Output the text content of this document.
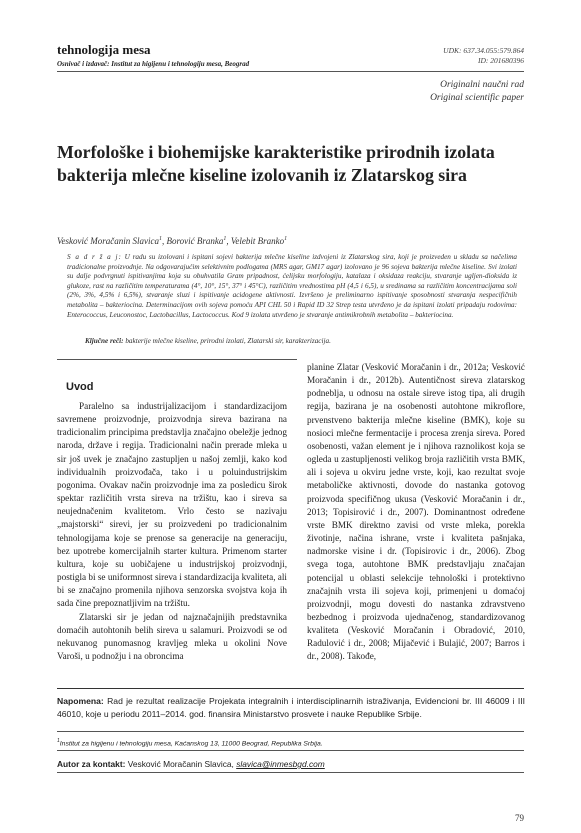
tehnologija mesa
Osnivač i izdavač: Institut za higijenu i tehnologiju mesa, Beograd
UDK: 637.34.055:579.864
ID: 201680396
Originalni naučni rad
Original scientific paper
Morfološke i biohemijske karakteristike prirodnih izolata bakterija mlečne kiseline izolovanih iz Zlatarskog sira
Vesković Moračanin Slavica$^1$, Borović Branka$^1$, Velebit Branko$^1$
S a d r ž a j: U radu su izolovani i ispitani sojevi bakterija mlečne kiseline izdvojeni iz Zlatarskog sira, koji je proizveden u skladu sa načelima tradicionalne proizvodnje. Na odgovarajućim selektivnim podlogama (MRS agar, GM17 agar) izolovano je 96 sojeva bakterija mlečne kiseline. Svi izolati su dalje podvrgnuti ispitivanjima koja su obuhvatila Gram pripadnost, ćelijsku morfologiju, katalaza i oksidaza reakciju, stvaranje ugljen-dioksida iz glukoze, rast na različitim temperaturama (4°, 10°, 15°, 37° i 45°C), različitim vrednostima pH (4,5 i 6,5), u sredinama sa različitim koncentracijama soli (2%, 3%, 4,5% i 6,5%), stvaranje sluzi i ispitivanje acidogene aktivnosti. Izvršeno je preliminarno ispitivanje sposobnosti stvaranja nespecifičnih metabolita – bakteriocina. Determinacijom ovih sojeva pomoću API CHL 50 i Rapid ID 32 Strep testa utvrđeno je da ispitani izolati pripadaju rodovima: Enterococcus, Leuconostoc, Lactobacillus, Lactococcus. Kod 9 izolata utvrđeno je stvaranje antimikrobnih metabolita – bakteriocina.
Ključne reči: bakterije mlečne kiseline, prirodni izolati, Zlatarski sir, karakterizacija.
Uvod

Paralelno sa industrijalizacijom i standardizacijom savremene proizvodnje, proizvodnja sireva bazirana na tradicionalim principima predstavlja značajno obeležje jednog naroda, države i regija. Tradicionalni način prerade mleka u sir još uvek je značajno zastupljen u našoj zemlji, kako kod individualnih proizvođača, tako i u poluindustrijskim pogonima. Ovakav način proizvodnje ima za posledicu širok spektar različitih vrsta sireva na tržištu, kao i sireva sa neujednačenim kvalitetom. Vrlo često se nazivaju „majstorski“ sirevi, jer su proizvedeni po tradicionalnim tehnologijama koje se prenose sa generacije na generaciju, bez upotrebe komercijalnih starter kultura. Primenom starter kultura, koje su uobičajene u industrijskoj proizvodnji, postigla bi se uniformnost sireva i standardizacija kvaliteta, ali bi se značajno promenila njihova senzorska svojstva koja ih sada čine prepoznatljivim na tržištu.

Zlatarski sir je jedan od najznačajnijih predstavnika domaćih autohtonih belih sireva u salamuri. Proizvodi se od nekuvanog punomasnog kravljeg mleka u okolini Nove Varoši, u podnožju i na obroncima

planine Zlatar (Vesković Moračanin i dr., 2012a; Vesković Moračanin i dr., 2012b). Autentičnost sireva zlatarskog podneblja, u odnosu na ostale sireve istog tipa, ali drugih regija, bazirana je na osobenosti autohtone mikroflore, prvenstveno bakterija mlečne kiseline (BMK), koje su nosioci mlečne fermentacije i procesa zrenja sireva. Pored osobenosti, važan element je i njihova raznolikost koja se ogleda u zastupljenosti velikog broja različitih vrsta BMK, ali i sojeva u okviru jedne vrste, koji, kao rezultat svoje metaboličke aktivnosti, dovode do nastanka gotovog proizvoda specifičnog ukusa (Vesković Moračanin i dr., 2013; Topisirović i dr., 2007). Dominantnost određene vrste BMK direktno zavisi od vrste mleka, porekla životinje, načina ishrane, vrste i kvaliteta pašnjaka, nadmorske visine i dr. (Topisirovic i dr., 2006). Zbog svega toga, autohtone BMK predstavljaju značajan potencijal u oblasti selekcije tehnološki i protektivno značajnih vrsta ili sojeva koji, primenjeni u domaćoj proizvodnji, mogu dovesti do nastanka zdravstveno bezbednog i proizvoda ujednačenog, standardizovanog kvaliteta (Vesković Moračanin i Obradović, 2010, Radulović i dr., 2008; Mijačević i Bulajić, 2007; Barros i dr., 2008). Takođe,

Napomena: Rad je rezultat realizacije Projekata integralnih i interdisciplinarnih istraživanja, Evidencioni br. III 46009 i III 46010, koje u periodu 2011–2014. god. finansira Ministarstvo prosvete i nauke Republike Srbije.
$^1$Institut za higijenu i tehnologiju mesa, Kaćanskog 13, 11000 Beograd, Republika Srbija.
Autor za kontakt: Vesković Moračanin Slavica, slavica@inmesbgd.com
79
